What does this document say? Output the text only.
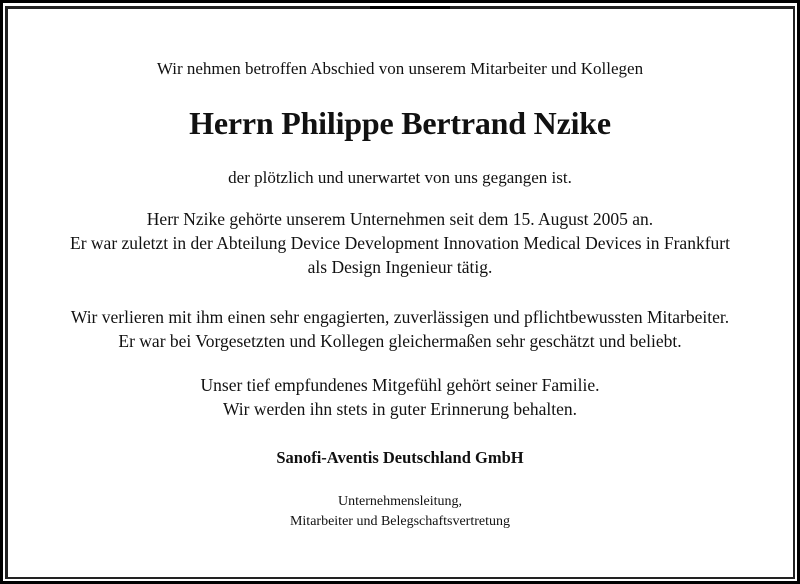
Wir nehmen betroffen Abschied von unserem Mitarbeiter und Kollegen
Herrn Philippe Bertrand Nzike
der plötzlich und unerwartet von uns gegangen ist.
Herr Nzike gehörte unserem Unternehmen seit dem 15. August 2005 an.
Er war zuletzt in der Abteilung Device Development Innovation Medical Devices in Frankfurt
als Design Ingenieur tätig.
Wir verlieren mit ihm einen sehr engagierten, zuverlässigen und pflichtbewussten Mitarbeiter.
Er war bei Vorgesetzten und Kollegen gleichermaßen sehr geschätzt und beliebt.
Unser tief empfundenes Mitgefühl gehört seiner Familie.
Wir werden ihn stets in guter Erinnerung behalten.
Sanofi-Aventis Deutschland GmbH
Unternehmensleitung,
Mitarbeiter und Belegschaftsvertretung
